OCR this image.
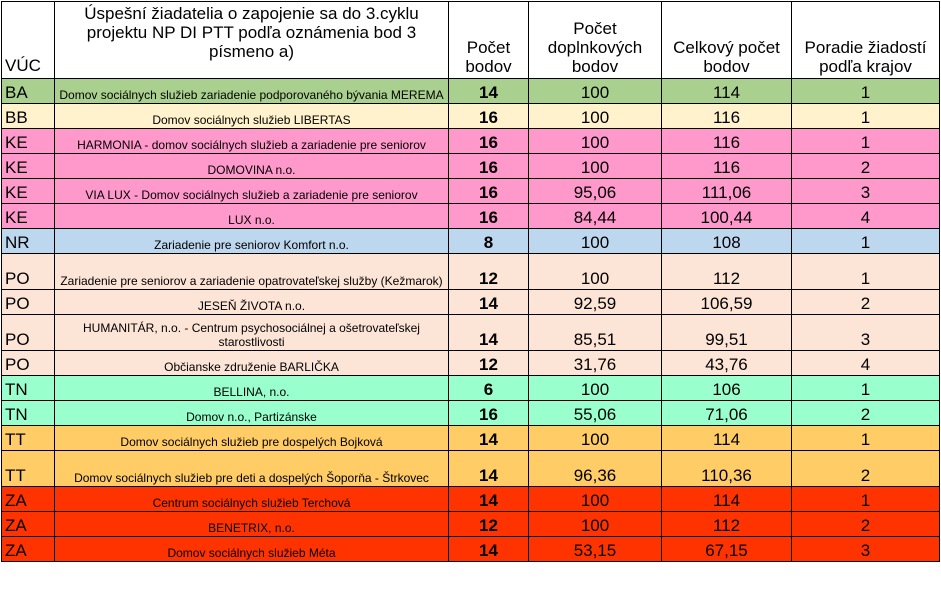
VÚC	Úspešní žiadatelia o zapojenie sa do 3.cyklu projektu NP DI PTT podľa oznámenia bod 3 písmeno a)	Počet bodov	Počet doplnkových bodov	Celkový počet bodov	Poradie žiadostí podľa krajov
BA	Domov sociálnych služieb zariadenie podporovaného bývania MEREMA	14	100	114	1
BB	Domov sociálnych služieb LIBERTAS	16	100	116	1
KE	HARMONIA - domov sociálnych služieb a zariadenie pre seniorov	16	100	116	1
KE	DOMOVINA n.o.	16	100	116	2
KE	VIA LUX - Domov sociálnych služieb a zariadenie pre seniorov	16	95,06	111,06	3
KE	LUX n.o.	16	84,44	100,44	4
NR	Zariadenie pre seniorov Komfort n.o.	8	100	108	1
PO	Zariadenie pre seniorov a zariadenie opatrovateľskej služby (Kežmarok)	12	100	112	1
PO	JESEŇ ŽIVOTA n.o.	14	92,59	106,59	2
PO	HUMANITÁR, n.o. - Centrum psychosociálnej a ošetrovateľskej starostlivosti	14	85,51	99,51	3
PO	Občianske združenie BARLIČKA	12	31,76	43,76	4
TN	BELLINA, n.o.	6	100	106	1
TN	Domov n.o., Partizánske	16	55,06	71,06	2
TT	Domov sociálnych služieb pre dospelých Bojková	14	100	114	1
TT	Domov sociálnych služieb pre deti a dospelých Šoporňa - Štrkovec	14	96,36	110,36	2
ZA	Centrum sociálnych služieb Terchová	14	100	114	1
ZA	BENETRIX, n.o.	12	100	112	2
ZA	Domov sociálnych služieb Méta	14	53,15	67,15	3
